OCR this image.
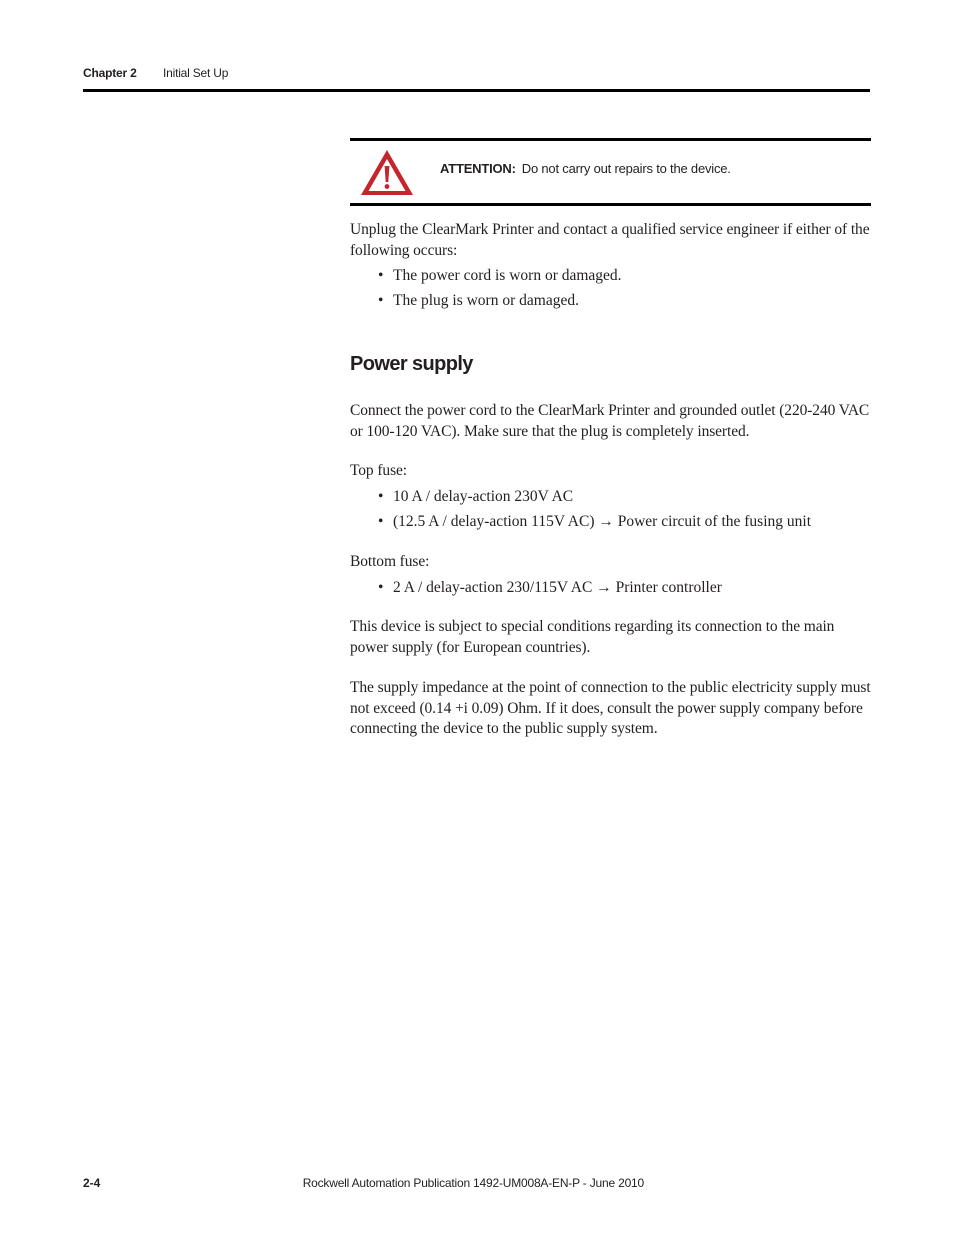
Chapter 2 Initial Set Up
ATTENTION: Do not carry out repairs to the device.
Unplug the ClearMark Printer and contact a qualified service engineer if either of the following occurs:
• The power cord is worn or damaged.
• The plug is worn or damaged.
Power supply
Connect the power cord to the ClearMark Printer and grounded outlet (220-240 VAC or 100-120 VAC). Make sure that the plug is completely inserted.
Top fuse:
• 10 A / delay-action 230V AC
• (12.5 A / delay-action 115V AC) → Power circuit of the fusing unit
Bottom fuse:
• 2 A / delay-action 230/115V AC → Printer controller
This device is subject to special conditions regarding its connection to the main power supply (for European countries).
The supply impedance at the point of connection to the public electricity supply must not exceed (0.14 +i 0.09) Ohm. If it does, consult the power supply company before connecting the device to the public supply system.
2-4	Rockwell Automation Publication 1492-UM008A-EN-P - June 2010
